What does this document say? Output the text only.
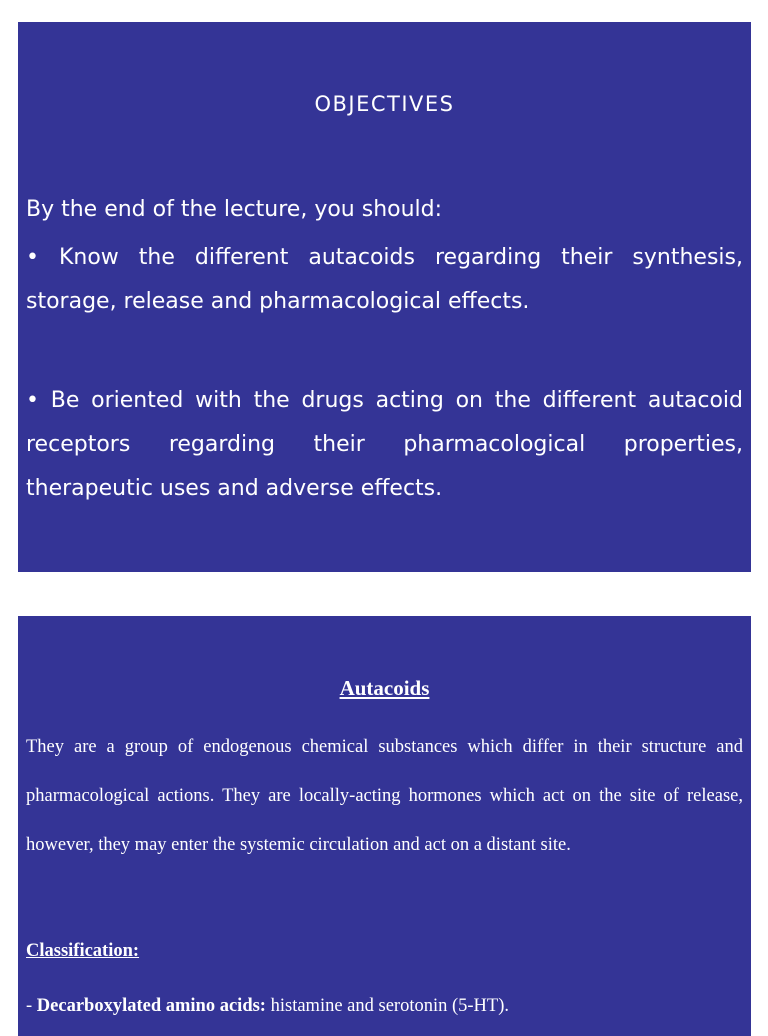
OBJECTIVES

By the end of the lecture, you should:

• Know the different autacoids regarding their synthesis, storage, release and pharmacological effects.

• Be oriented with the drugs acting on the different autacoid receptors regarding their pharmacological properties, therapeutic uses and adverse effects.

Autacoids

They are a group of endogenous chemical substances which differ in their structure and pharmacological actions. They are locally-acting hormones which act on the site of release, however, they may enter the systemic circulation and act on a distant site.

Classification:
- Decarboxylated amino acids: histamine and serotonin (5-HT).
